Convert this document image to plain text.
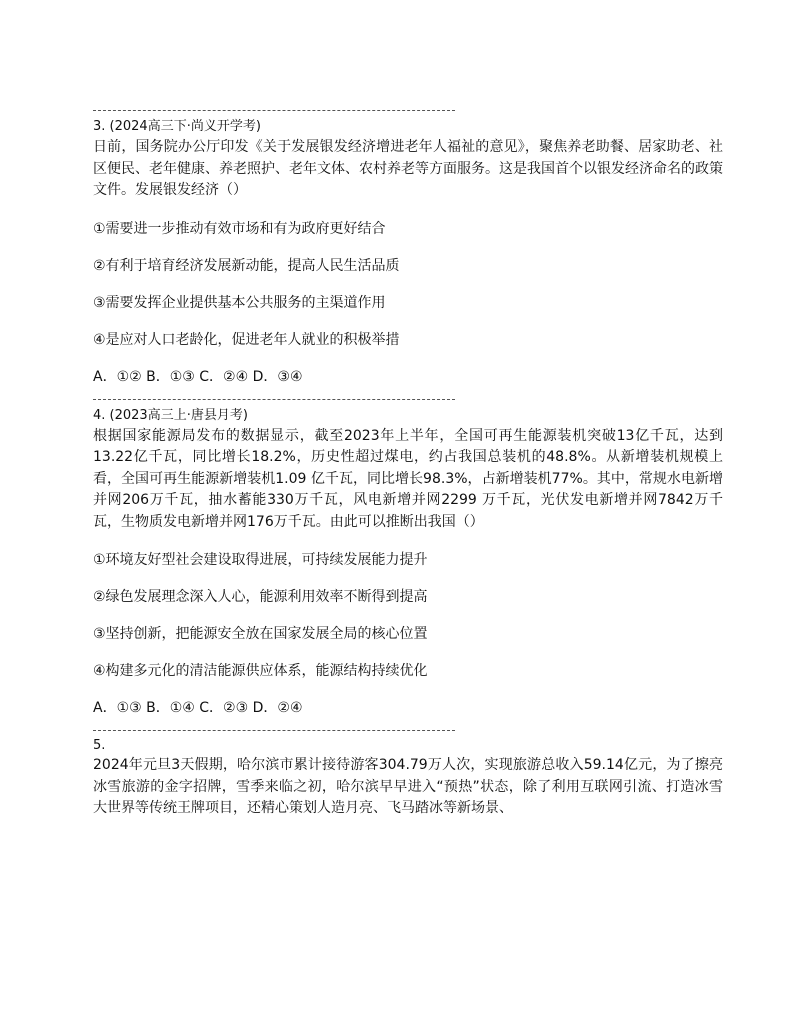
3. (2024高三下·尚义开学考)

日前，国务院办公厅印发《关于发展银发经济增进老年人福祉的意见》，聚焦养老助餐、居家助老、社区便民、老年健康、养老照护、老年文体、农村养老等方面服务。这是我国首个以银发经济命名的政策文件。发展银发经济（）

①需要进一步推动有效市场和有为政府更好结合

②有利于培育经济发展新动能，提高人民生活品质

③需要发挥企业提供基本公共服务的主渠道作用

④是应对人口老龄化，促进老年人就业的积极举措

A．①② B．①③ C．②④ D．③④

4. (2023高三上·唐县月考)

根据国家能源局发布的数据显示，截至2023年上半年，全国可再生能源装机突破13亿千瓦，达到13.22亿千瓦，同比增长18.2%，历史性超过煤电，约占我国总装机的48.8%。从新增装机规模上看，全国可再生能源新增装机1.09 亿千瓦，同比增长98.3%，占新增装机77%。其中，常规水电新增并网206万千瓦，抽水蓄能330万千瓦，风电新增并网2299 万千瓦，光伏发电新增并网7842万千瓦，生物质发电新增并网176万千瓦。由此可以推断出我国（）

①环境友好型社会建设取得进展，可持续发展能力提升

②绿色发展理念深入人心，能源利用效率不断得到提高

③坚持创新，把能源安全放在国家发展全局的核心位置

④构建多元化的清洁能源供应体系，能源结构持续优化

A．①③ B．①④ C．②③ D．②④

5.

2024年元旦3天假期，哈尔滨市累计接待游客304.79万人次，实现旅游总收入59.14亿元，为了擦亮冰雪旅游的金字招牌，雪季来临之初，哈尔滨早早进入“预热”状态，除了利用互联网引流、打造冰雪大世界等传统王牌项目，还精心策划人造月亮、飞马踏冰等新场景、
